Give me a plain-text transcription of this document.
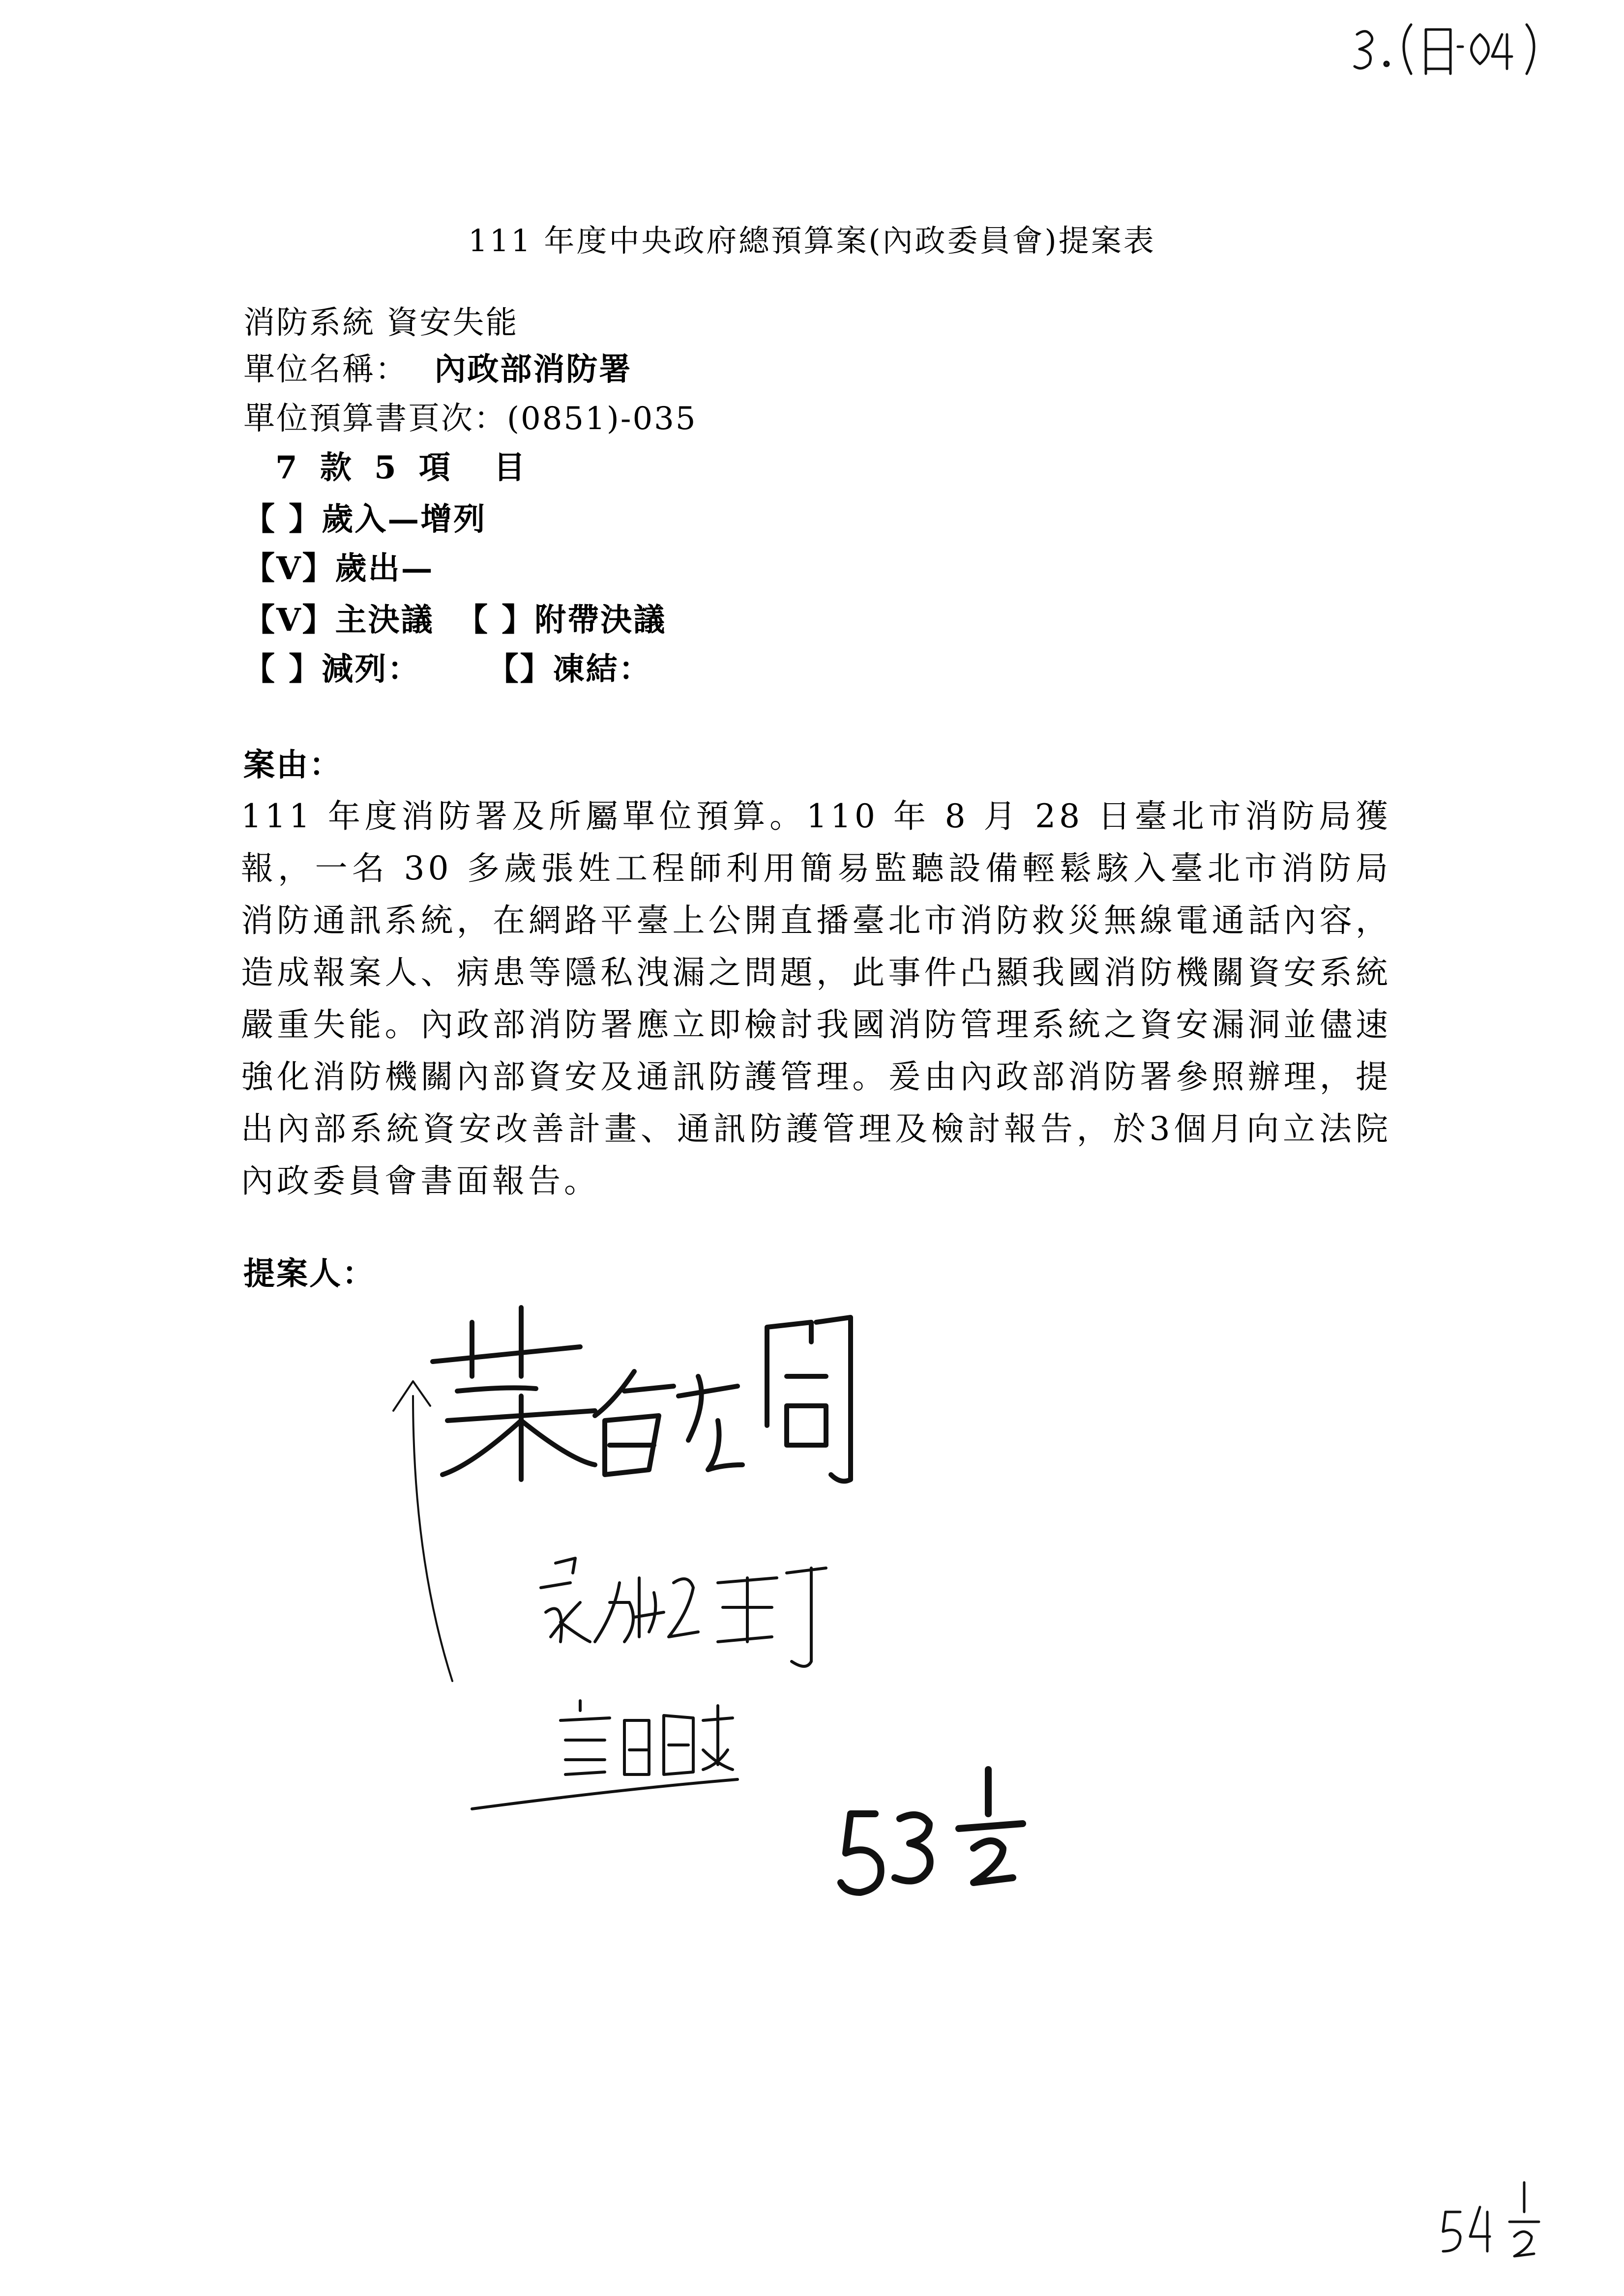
111 年度中央政府總預算案(內政委員會)提案表
消防系統 資安失能
單位名稱： 內政部消防署
單位預算書頁次：(0851)-035
7 款 5 項　目
【 】歲入—增列
【V】歲出—
【V】主決議 【 】附帶決議
【 】減列： 【】凍結：
案由：
111 年度消防署及所屬單位預算。110 年 8 月 28 日臺北市消防局獲報，一名 30 多歲張姓工程師利用簡易監聽設備輕鬆駭入臺北市消防局消防通訊系統，在網路平臺上公開直播臺北市消防救災無線電通話內容，造成報案人、病患等隱私洩漏之問題，此事件凸顯我國消防機關資安系統嚴重失能。內政部消防署應立即檢討我國消防管理系統之資安漏洞並儘速強化消防機關內部資安及通訊防護管理。爰由內政部消防署參照辦理，提出內部系統資安改善計畫、通訊防護管理及檢討報告，於3個月向立法院內政委員會書面報告。
提案人：
